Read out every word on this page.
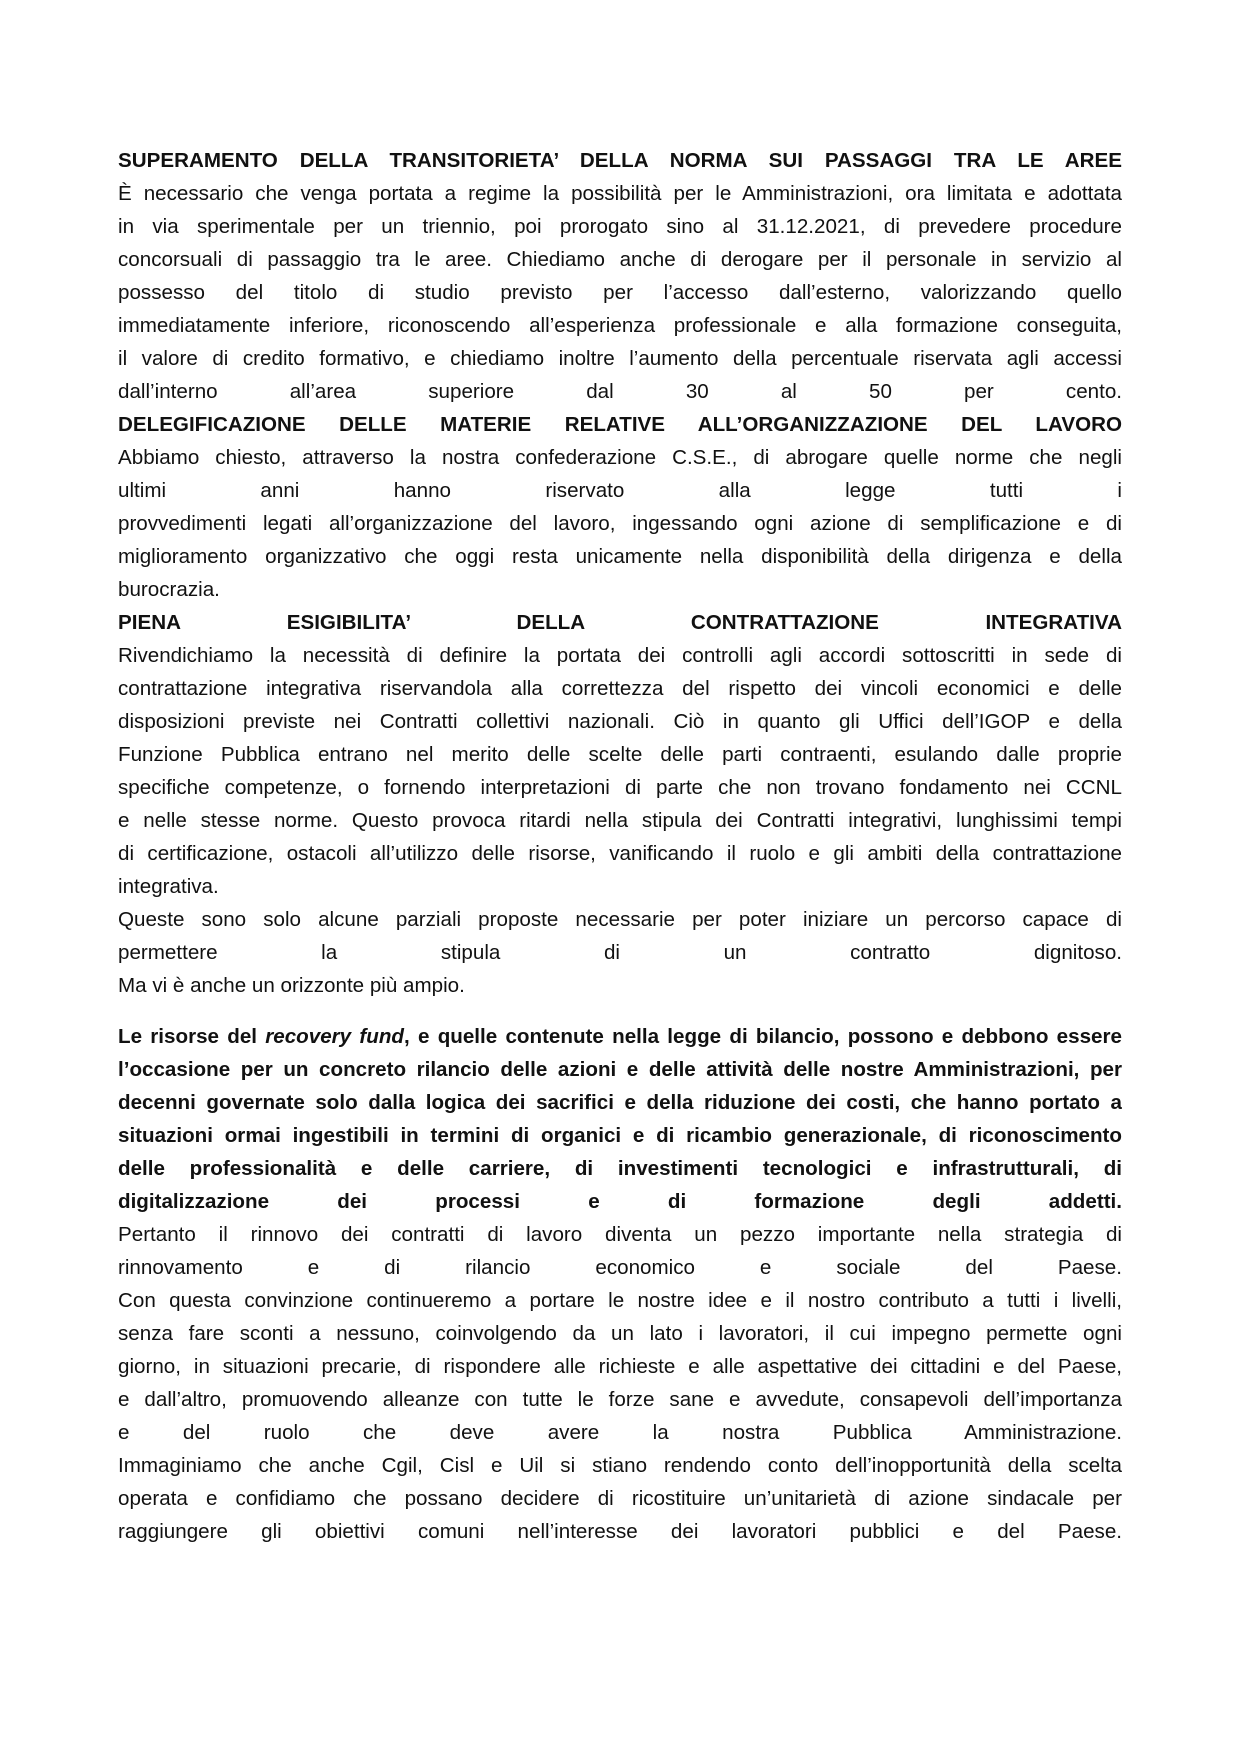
SUPERAMENTO DELLA TRANSITORIETA’ DELLA NORMA SUI PASSAGGI TRA LE AREE
È necessario che venga portata a regime la possibilità per le Amministrazioni, ora limitata e adottata
in via sperimentale per un triennio, poi prorogato sino al 31.12.2021, di prevedere procedure
concorsuali di passaggio tra le aree. Chiediamo anche di derogare per il personale in servizio al
possesso del titolo di studio previsto per l’accesso dall’esterno, valorizzando quello
immediatamente inferiore, riconoscendo all’esperienza professionale e alla formazione conseguita,
il valore di credito formativo, e chiediamo inoltre l’aumento della percentuale riservata agli accessi
dall’interno all’area superiore dal 30 al 50 per cento.
DELEGIFICAZIONE DELLE MATERIE RELATIVE ALL’ORGANIZZAZIONE DEL LAVORO
Abbiamo chiesto, attraverso la nostra confederazione C.S.E., di abrogare quelle norme che negli
ultimi anni hanno riservato alla legge tutti i
provvedimenti legati all’organizzazione del lavoro, ingessando ogni azione di semplificazione e di
miglioramento organizzativo che oggi resta unicamente nella disponibilità della dirigenza e della
burocrazia.
PIENA ESIGIBILITA’ DELLA CONTRATTAZIONE INTEGRATIVA
Rivendichiamo la necessità di definire la portata dei controlli agli accordi sottoscritti in sede di
contrattazione integrativa riservandola alla correttezza del rispetto dei vincoli economici e delle
disposizioni previste nei Contratti collettivi nazionali. Ciò in quanto gli Uffici dell’IGOP e della
Funzione Pubblica entrano nel merito delle scelte delle parti contraenti, esulando dalle proprie
specifiche competenze, o fornendo interpretazioni di parte che non trovano fondamento nei CCNL
e nelle stesse norme. Questo provoca ritardi nella stipula dei Contratti integrativi, lunghissimi tempi
di certificazione, ostacoli all’utilizzo delle risorse, vanificando il ruolo e gli ambiti della contrattazione
integrativa.
Queste sono solo alcune parziali proposte necessarie per poter iniziare un percorso capace di
permettere la stipula di un contratto dignitoso.
Ma vi è anche un orizzonte più ampio.
Le risorse del recovery fund, e quelle contenute nella legge di bilancio, possono e debbono essere
l’occasione per un concreto rilancio delle azioni e delle attività delle nostre Amministrazioni, per
decenni governate solo dalla logica dei sacrifici e della riduzione dei costi, che hanno portato a
situazioni ormai ingestibili in termini di organici e di ricambio generazionale, di riconoscimento
delle professionalità e delle carriere, di investimenti tecnologici e infrastrutturali, di
digitalizzazione dei processi e di formazione degli addetti.
Pertanto il rinnovo dei contratti di lavoro diventa un pezzo importante nella strategia di
rinnovamento e di rilancio economico e sociale del Paese.
Con questa convinzione continueremo a portare le nostre idee e il nostro contributo a tutti i livelli,
senza fare sconti a nessuno, coinvolgendo da un lato i lavoratori, il cui impegno permette ogni
giorno, in situazioni precarie, di rispondere alle richieste e alle aspettative dei cittadini e del Paese,
e dall’altro, promuovendo alleanze con tutte le forze sane e avvedute, consapevoli dell’importanza
e del ruolo che deve avere la nostra Pubblica Amministrazione.
Immaginiamo che anche Cgil, Cisl e Uil si stiano rendendo conto dell’inopportunità della scelta
operata e confidiamo che possano decidere di ricostituire un’unitarietà di azione sindacale per
raggiungere gli obiettivi comuni nell’interesse dei lavoratori pubblici e del Paese.
